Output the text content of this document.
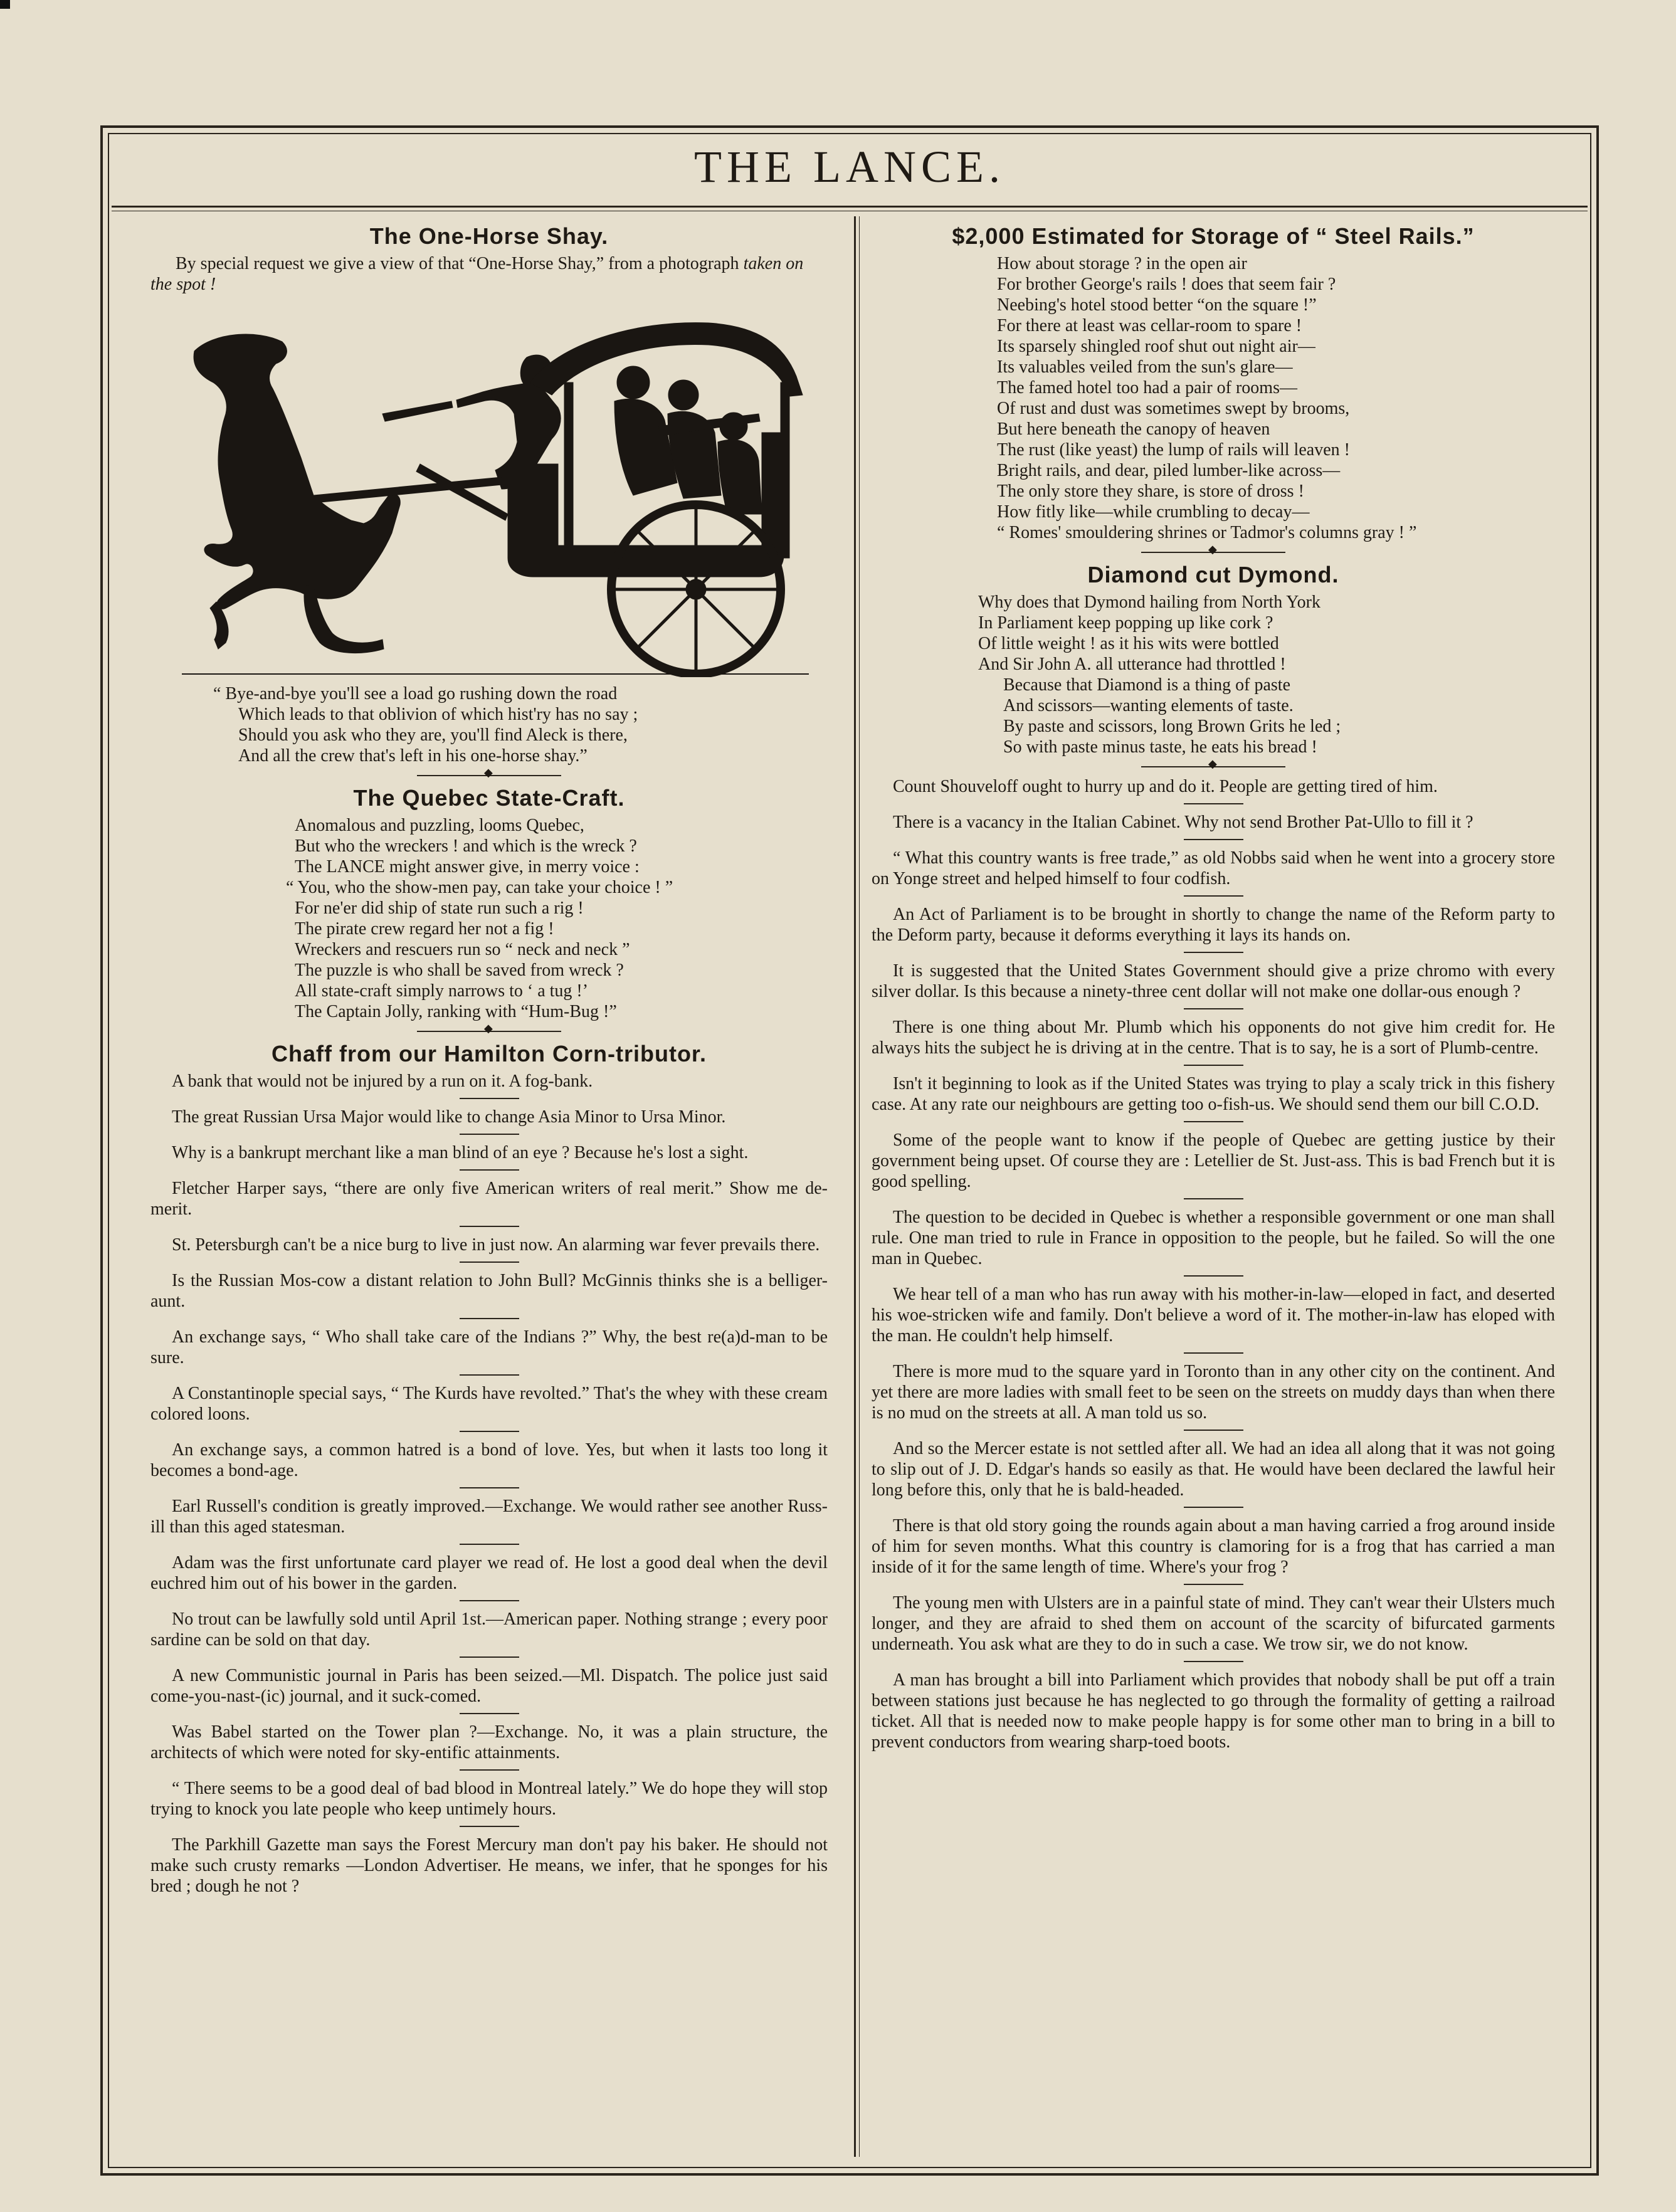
THE LANCE.
The One-Horse Shay.

By special request we give a view of that “One-Horse Shay,” from a photograph taken on the spot !

“ Bye-and-bye you'll see a load go rushing down the road
Which leads to that oblivion of which hist'ry has no say ;
Should you ask who they are, you'll find Aleck is there,
And all the crew that's left in his one-horse shay.”
◆
The Quebec State-Craft.
Anomalous and puzzling, looms Quebec,
But who the wreckers ! and which is the wreck ?
The LANCE might answer give, in merry voice :
“ You, who the show-men pay, can take your choice ! ”
For ne'er did ship of state run such a rig !
The pirate crew regard her not a fig !
Wreckers and rescuers run so “ neck and neck ”
The puzzle is who shall be saved from wreck ?
All state-craft simply narrows to ‘ a tug !’
The Captain Jolly, ranking with “Hum-Bug !”
◆
Chaff from our Hamilton Corn-tributor.

A bank that would not be injured by a run on it. A fog-bank.

The great Russian Ursa Major would like to change Asia Minor to Ursa Minor.

Why is a bankrupt merchant like a man blind of an eye ? Because he's lost a sight.

Fletcher Harper says, “there are only five American writers of real merit.” Show me de-merit.

St. Petersburgh can't be a nice burg to live in just now. An alarming war fever prevails there.

Is the Russian Mos-cow a distant relation to John Bull? McGinnis thinks she is a belliger-aunt.

An exchange says, “ Who shall take care of the Indians ?” Why, the best re(a)d-man to be sure.

A Constantinople special says, “ The Kurds have revolted.” That's the whey with these cream colored loons.

An exchange says, a common hatred is a bond of love. Yes, but when it lasts too long it becomes a bond-age.

Earl Russell's condition is greatly improved.—Exchange. We would rather see another Russ-ill than this aged statesman.

Adam was the first unfortunate card player we read of. He lost a good deal when the devil euchred him out of his bower in the garden.

No trout can be lawfully sold until April 1st.—American paper. Nothing strange ; every poor sardine can be sold on that day.

A new Communistic journal in Paris has been seized.—Ml. Dispatch. The police just said come-you-nast-(ic) journal, and it suck-comed.

Was Babel started on the Tower plan ?—Exchange. No, it was a plain structure, the architects of which were noted for sky-entific attainments.

“ There seems to be a good deal of bad blood in Montreal lately.” We do hope they will stop trying to knock you late people who keep untimely hours.

The Parkhill Gazette man says the Forest Mercury man don't pay his baker. He should not make such crusty remarks —London Advertiser. He means, we infer, that he sponges for his bred ; dough he not ?

$2,000 Estimated for Storage of “ Steel Rails.”
How about storage ? in the open air
For brother George's rails ! does that seem fair ?
Neebing's hotel stood better “on the square !”
For there at least was cellar-room to spare !
Its sparsely shingled roof shut out night air—
Its valuables veiled from the sun's glare—
The famed hotel too had a pair of rooms—
Of rust and dust was sometimes swept by brooms,
But here beneath the canopy of heaven
The rust (like yeast) the lump of rails will leaven !
Bright rails, and dear, piled lumber-like across—
The only store they share, is store of dross !
How fitly like—while crumbling to decay—
“ Romes' smouldering shrines or Tadmor's columns gray ! ”
◆
Diamond cut Dymond.
Why does that Dymond hailing from North York
In Parliament keep popping up like cork ?
Of little weight ! as it his wits were bottled
And Sir John A. all utterance had throttled !
Because that Diamond is a thing of paste
And scissors—wanting elements of taste.
By paste and scissors, long Brown Grits he led ;
So with paste minus taste, he eats his bread !
◆

Count Shouveloff ought to hurry up and do it. People are getting tired of him.

There is a vacancy in the Italian Cabinet. Why not send Brother Pat-Ullo to fill it ?

“ What this country wants is free trade,” as old Nobbs said when he went into a grocery store on Yonge street and helped himself to four codfish.

An Act of Parliament is to be brought in shortly to change the name of the Reform party to the Deform party, because it deforms everything it lays its hands on.

It is suggested that the United States Government should give a prize chromo with every silver dollar. Is this because a ninety-three cent dollar will not make one dollar-ous enough ?

There is one thing about Mr. Plumb which his opponents do not give him credit for. He always hits the subject he is driving at in the centre. That is to say, he is a sort of Plumb-centre.

Isn't it beginning to look as if the United States was trying to play a scaly trick in this fishery case. At any rate our neighbours are getting too o-fish-us. We should send them our bill C.O.D.

Some of the people want to know if the people of Quebec are getting justice by their government being upset. Of course they are : Letellier de St. Just-ass. This is bad French but it is good spelling.

The question to be decided in Quebec is whether a responsible government or one man shall rule. One man tried to rule in France in opposition to the people, but he failed. So will the one man in Quebec.

We hear tell of a man who has run away with his mother-in-law—eloped in fact, and deserted his woe-stricken wife and family. Don't believe a word of it. The mother-in-law has eloped with the man. He couldn't help himself.

There is more mud to the square yard in Toronto than in any other city on the continent. And yet there are more ladies with small feet to be seen on the streets on muddy days than when there is no mud on the streets at all. A man told us so.

And so the Mercer estate is not settled after all. We had an idea all along that it was not going to slip out of J. D. Edgar's hands so easily as that. He would have been declared the lawful heir long before this, only that he is bald-headed.

There is that old story going the rounds again about a man having carried a frog around inside of him for seven months. What this country is clamoring for is a frog that has carried a man inside of it for the same length of time. Where's your frog ?

The young men with Ulsters are in a painful state of mind. They can't wear their Ulsters much longer, and they are afraid to shed them on account of the scarcity of bifurcated garments underneath. You ask what are they to do in such a case. We trow sir, we do not know.

A man has brought a bill into Parliament which provides that nobody shall be put off a train between stations just because he has neglected to go through the formality of getting a railroad ticket. All that is needed now to make people happy is for some other man to bring in a bill to prevent conductors from wearing sharp-toed boots.
